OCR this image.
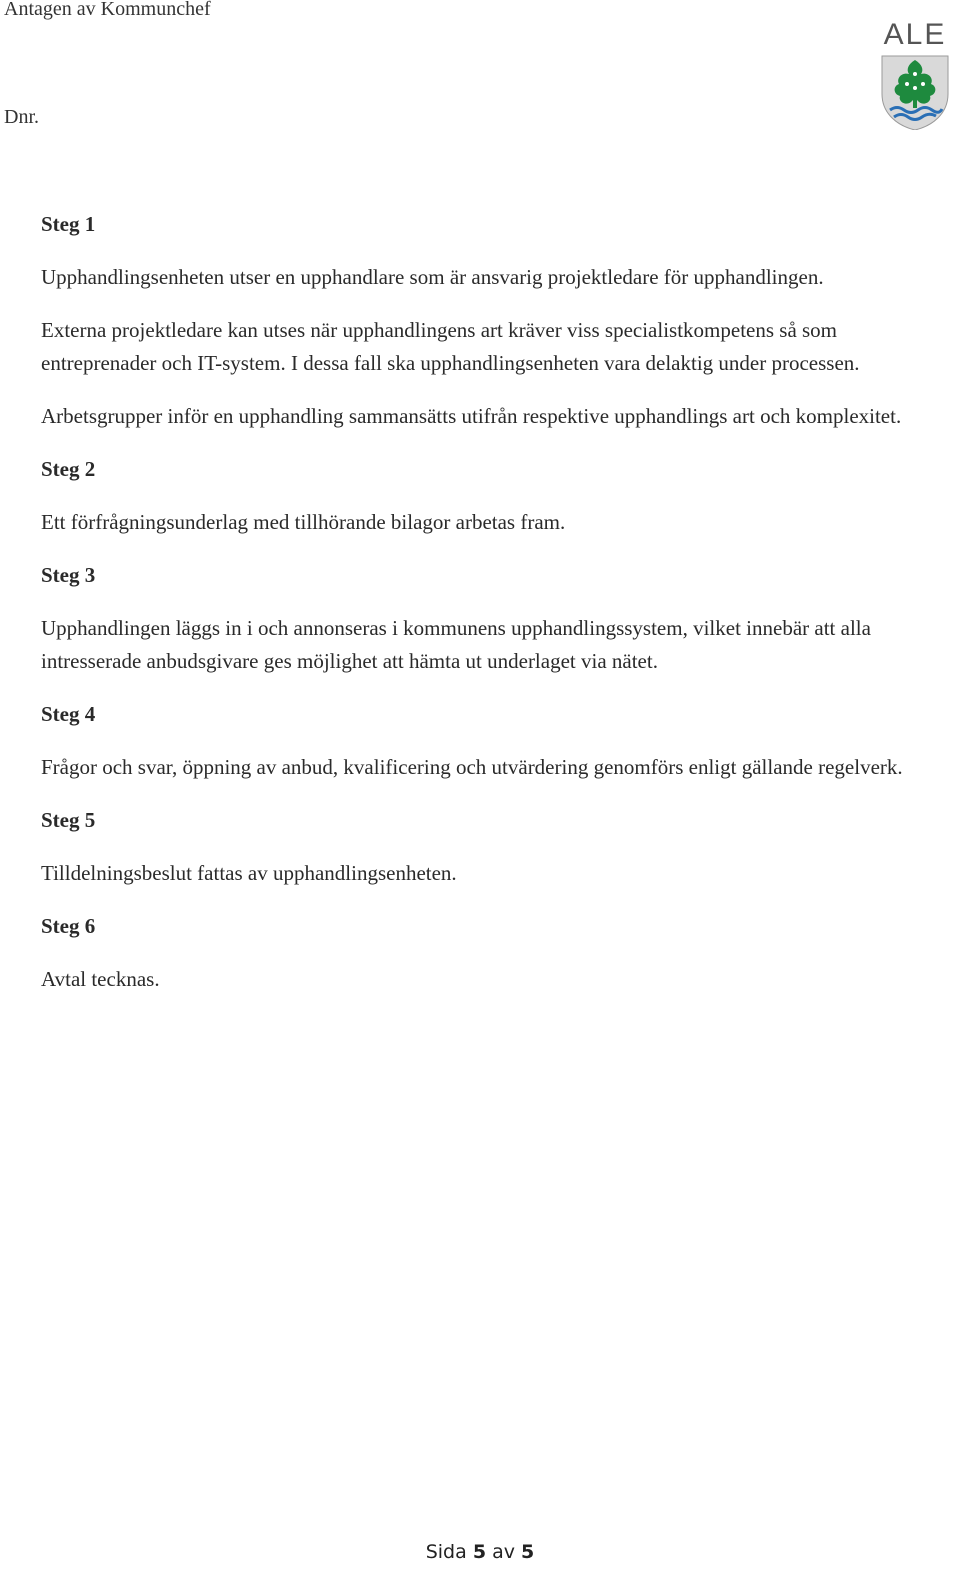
Antagen av Kommunchef
Dnr.
ALE
Steg 1
Upphandlingsenheten utser en upphandlare som är ansvarig projektledare för upphandlingen.
Externa projektledare kan utses när upphandlingens art kräver viss specialistkompetens så som entreprenader och IT-system. I dessa fall ska upphandlingsenheten vara delaktig under processen.
Arbetsgrupper inför en upphandling sammansätts utifrån respektive upphandlings art och komplexitet.
Steg 2
Ett förfrågningsunderlag med tillhörande bilagor arbetas fram.
Steg 3
Upphandlingen läggs in i och annonseras i kommunens upphandlingssystem, vilket innebär att alla intresserade anbudsgivare ges möjlighet att hämta ut underlaget via nätet.
Steg 4
Frågor och svar, öppning av anbud, kvalificering och utvärdering genomförs enligt gällande regelverk.
Steg 5
Tilldelningsbeslut fattas av upphandlingsenheten.
Steg 6
Avtal tecknas.
Sida 5 av 5
